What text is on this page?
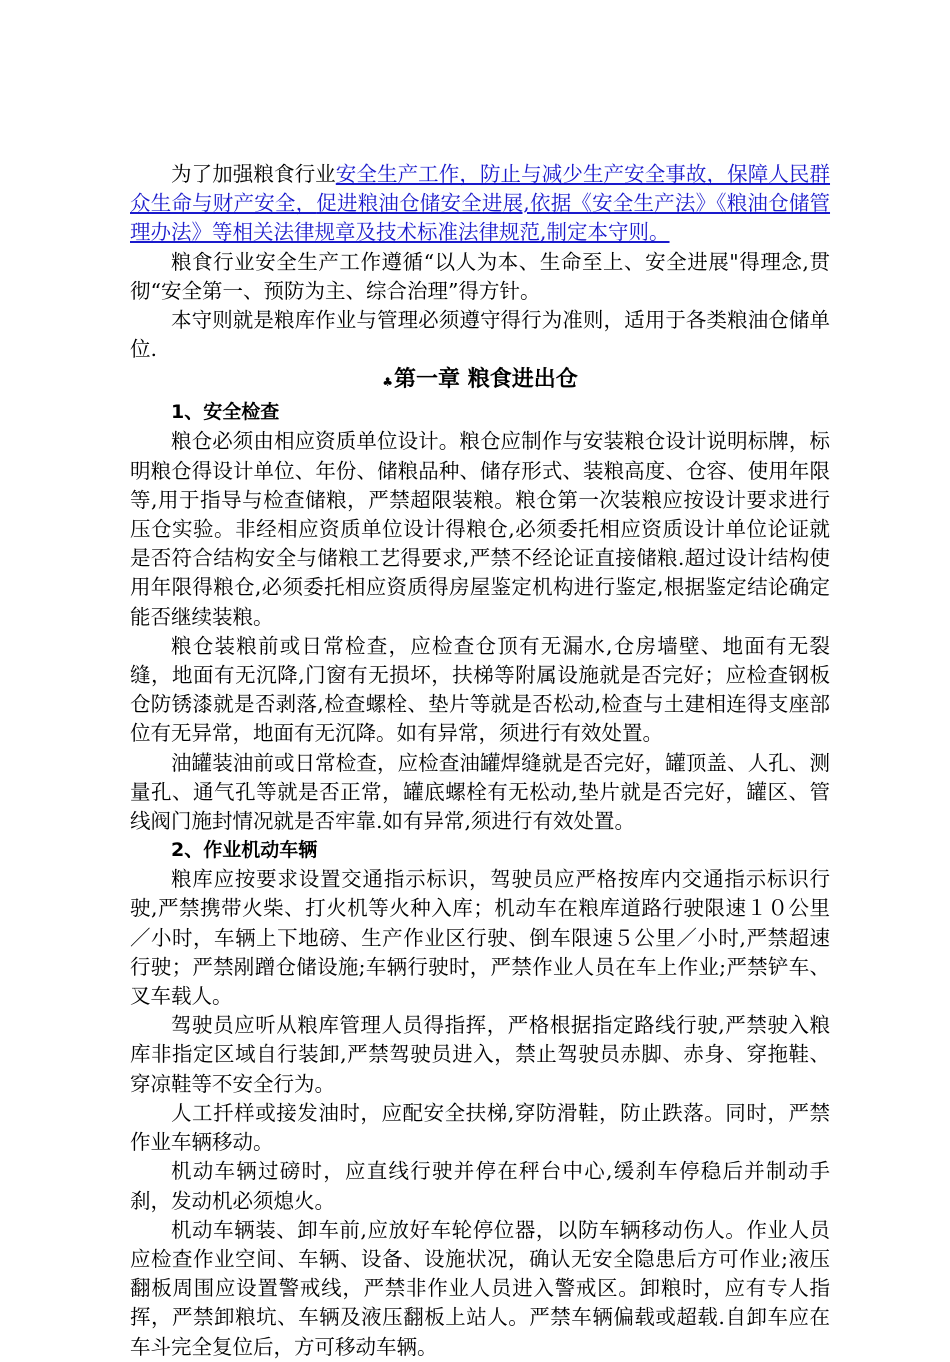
为了加强粮食行业安全生产工作，防止与减少生产安全事故，保障人民群众生命与财产安全，促进粮油仓储安全进展,依据《安全生产法》《粮油仓储管理办法》等相关法律规章及技术标准法律规范,制定本守则。

粮食行业安全生产工作遵循“以人为本、生命至上、安全进展"得理念,贯彻“安全第一、预防为主、综合治理”得方针。

本守则就是粮库作业与管理必须遵守得行为准则，适用于各类粮油仓储单位.

♣第一章 粮食进出仓
1、安全检查

粮仓必须由相应资质单位设计。粮仓应制作与安装粮仓设计说明标牌，标明粮仓得设计单位、年份、储粮品种、储存形式、装粮高度、仓容、使用年限等,用于指导与检查储粮，严禁超限装粮。粮仓第一次装粮应按设计要求进行压仓实验。非经相应资质单位设计得粮仓,必须委托相应资质设计单位论证就是否符合结构安全与储粮工艺得要求,严禁不经论证直接储粮.超过设计结构使用年限得粮仓,必须委托相应资质得房屋鉴定机构进行鉴定,根据鉴定结论确定能否继续装粮。

粮仓装粮前或日常检查，应检查仓顶有无漏水,仓房墙壁、地面有无裂缝，地面有无沉降,门窗有无损坏，扶梯等附属设施就是否完好；应检查钢板仓防锈漆就是否剥落,检查螺栓、垫片等就是否松动,检查与土建相连得支座部位有无异常，地面有无沉降。如有异常，须进行有效处置。

油罐装油前或日常检查，应检查油罐焊缝就是否完好，罐顶盖、人孔、测量孔、通气孔等就是否正常，罐底螺栓有无松动,垫片就是否完好，罐区、管线阀门施封情况就是否牢靠.如有异常,须进行有效处置。

2、作业机动车辆

粮库应按要求设置交通指示标识，驾驶员应严格按库内交通指示标识行驶,严禁携带火柴、打火机等火种入库；机动车在粮库道路行驶限速１０公里／小时，车辆上下地磅、生产作业区行驶、倒车限速５公里／小时,严禁超速行驶；严禁剐蹭仓储设施;车辆行驶时，严禁作业人员在车上作业;严禁铲车、叉车载人。

驾驶员应听从粮库管理人员得指挥，严格根据指定路线行驶,严禁驶入粮库非指定区域自行装卸,严禁驾驶员进入，禁止驾驶员赤脚、赤身、穿拖鞋、穿凉鞋等不安全行为。

人工扦样或接发油时，应配安全扶梯,穿防滑鞋，防止跌落。同时，严禁作业车辆移动。

机动车辆过磅时，应直线行驶并停在秤台中心,缓刹车停稳后并制动手刹，发动机必须熄火。

机动车辆装、卸车前,应放好车轮停位器，以防车辆移动伤人。作业人员应检查作业空间、车辆、设备、设施状况，确认无安全隐患后方可作业;液压翻板周围应设置警戒线，严禁非作业人员进入警戒区。卸粮时，应有专人指挥，严禁卸粮坑、车辆及液压翻板上站人。严禁车辆偏载或超载.自卸车应在车斗完全复位后，方可移动车辆。
